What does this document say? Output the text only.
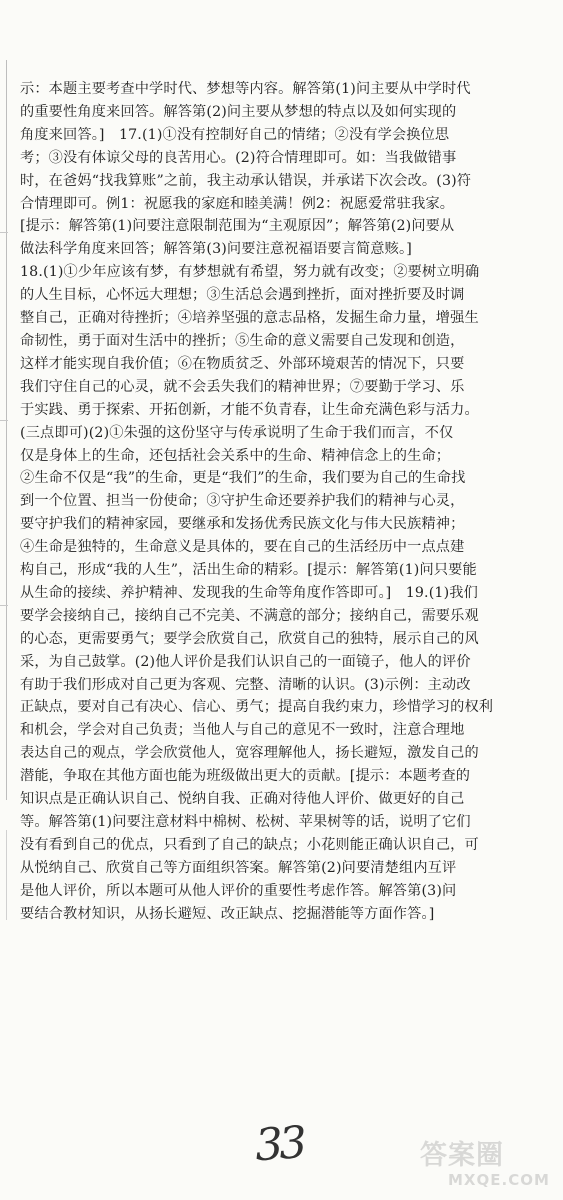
示：本题主要考查中学时代、梦想等内容。解答第(1)问主要从中学时代
的重要性角度来回答。解答第(2)问主要从梦想的特点以及如何实现的
角度来回答。]　17.(1)①没有控制好自己的情绪；②没有学会换位思
考；③没有体谅父母的良苦用心。(2)符合情理即可。如：当我做错事
时，在爸妈“找我算账”之前，我主动承认错误，并承诺下次会改。(3)符
合情理即可。例1：祝愿我的家庭和睦美满！例2：祝愿爱常驻我家。
[提示：解答第(1)问要注意限制范围为“主观原因”；解答第(2)问要从
做法科学角度来回答；解答第(3)问要注意祝福语要言简意赅。]
18.(1)①少年应该有梦，有梦想就有希望，努力就有改变；②要树立明确
的人生目标，心怀远大理想；③生活总会遇到挫折，面对挫折要及时调
整自己，正确对待挫折；④培养坚强的意志品格，发掘生命力量，增强生
命韧性，勇于面对生活中的挫折；⑤生命的意义需要自己发现和创造，
这样才能实现自我价值；⑥在物质贫乏、外部环境艰苦的情况下，只要
我们守住自己的心灵，就不会丢失我们的精神世界；⑦要勤于学习、乐
于实践、勇于探索、开拓创新，才能不负青春，让生命充满色彩与活力。
(三点即可)(2)①朱强的这份坚守与传承说明了生命于我们而言，不仅
仅是身体上的生命，还包括社会关系中的生命、精神信念上的生命；
②生命不仅是“我”的生命，更是“我们”的生命，我们要为自己的生命找
到一个位置、担当一份使命；③守护生命还要养护我们的精神与心灵，
要守护我们的精神家园，要继承和发扬优秀民族文化与伟大民族精神；
④生命是独特的，生命意义是具体的，要在自己的生活经历中一点点建
构自己，形成“我的人生”，活出生命的精彩。[提示：解答第(1)问只要能
从生命的接续、养护精神、发现我的生命等角度作答即可。]　19.(1)我们
要学会接纳自己，接纳自己不完美、不满意的部分；接纳自己，需要乐观
的心态，更需要勇气；要学会欣赏自己，欣赏自己的独特，展示自己的风
采，为自己鼓掌。(2)他人评价是我们认识自己的一面镜子，他人的评价
有助于我们形成对自己更为客观、完整、清晰的认识。(3)示例：主动改
正缺点，要对自己有决心、信心、勇气；提高自我约束力，珍惜学习的权利
和机会，学会对自己负责；当他人与自己的意见不一致时，注意合理地
表达自己的观点，学会欣赏他人，宽容理解他人，扬长避短，激发自己的
潜能，争取在其他方面也能为班级做出更大的贡献。[提示：本题考查的
知识点是正确认识自己、悦纳自我、正确对待他人评价、做更好的自己
等。解答第(1)问要注意材料中棉树、松树、苹果树等的话，说明了它们
没有看到自己的优点，只看到了自己的缺点；小花则能正确认识自己，可
从悦纳自己、欣赏自己等方面组织答案。解答第(2)问要清楚组内互评
是他人评价，所以本题可从他人评价的重要性考虑作答。解答第(3)问
要结合教材知识，从扬长避短、改正缺点、挖掘潜能等方面作答。]
33	答案圈
MXQE.COM
